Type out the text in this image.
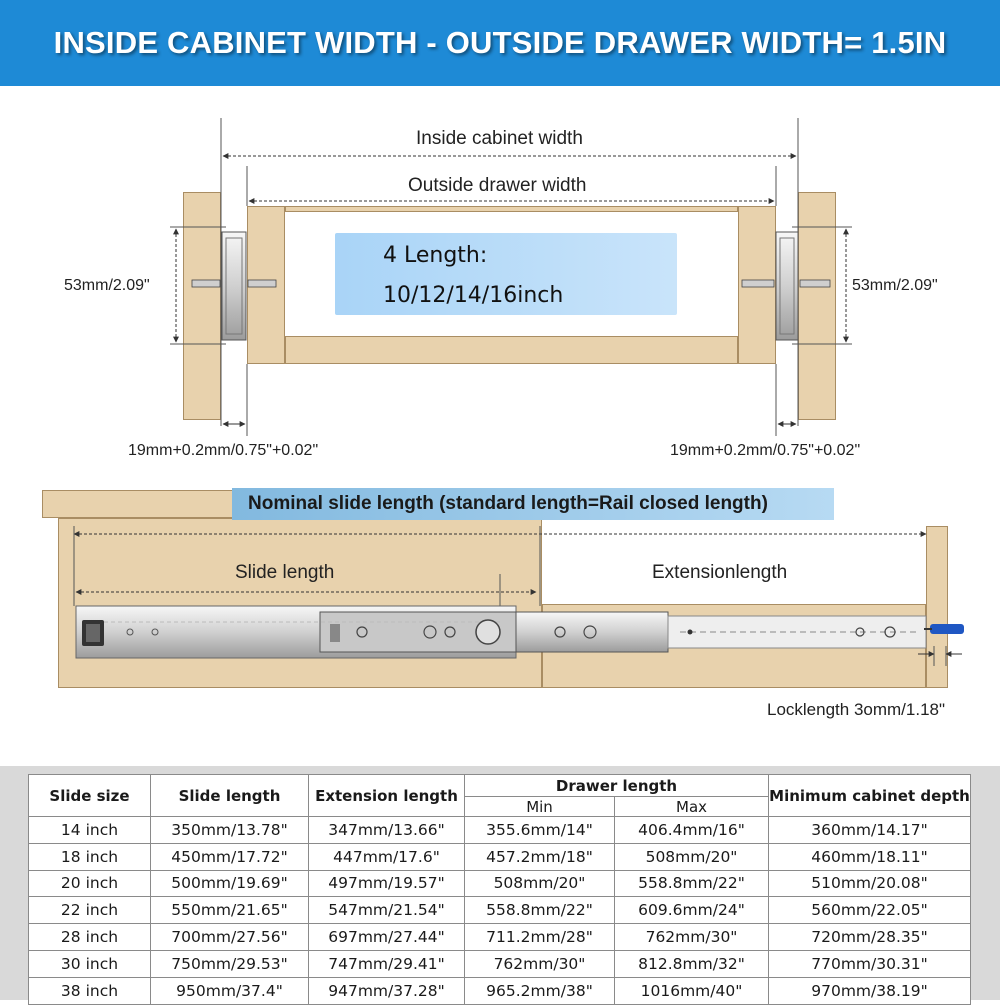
INSIDE CABINET WIDTH - OUTSIDE DRAWER WIDTH= 1.5IN
4 Length:
10/12/14/16inch
Nominal slide length (standard length=Rail closed length)
Inside cabinet width
Outside drawer width
53mm/2.09"	53mm/2.09"
19mm+0.2mm/0.75"+0.02"	19mm+0.2mm/0.75"+0.02"
Slide length	Extensionlength
Locklength 3omm/1.18"
Slide size	Slide length	Extension length	Drawer length		Minimum cabinet depth
			Min	Max	
14 inch	350mm/13.78"	347mm/13.66"	355.6mm/14"	406.4mm/16"	360mm/14.17"
18 inch	450mm/17.72"	447mm/17.6"	457.2mm/18"	508mm/20"	460mm/18.11"
20 inch	500mm/19.69"	497mm/19.57"	508mm/20"	558.8mm/22"	510mm/20.08"
22 inch	550mm/21.65"	547mm/21.54"	558.8mm/22"	609.6mm/24"	560mm/22.05"
28 inch	700mm/27.56"	697mm/27.44"	711.2mm/28"	762mm/30"	720mm/28.35"
30 inch	750mm/29.53"	747mm/29.41"	762mm/30"	812.8mm/32"	770mm/30.31"
38 inch	950mm/37.4"	947mm/37.28"	965.2mm/38"	1016mm/40"	970mm/38.19"
